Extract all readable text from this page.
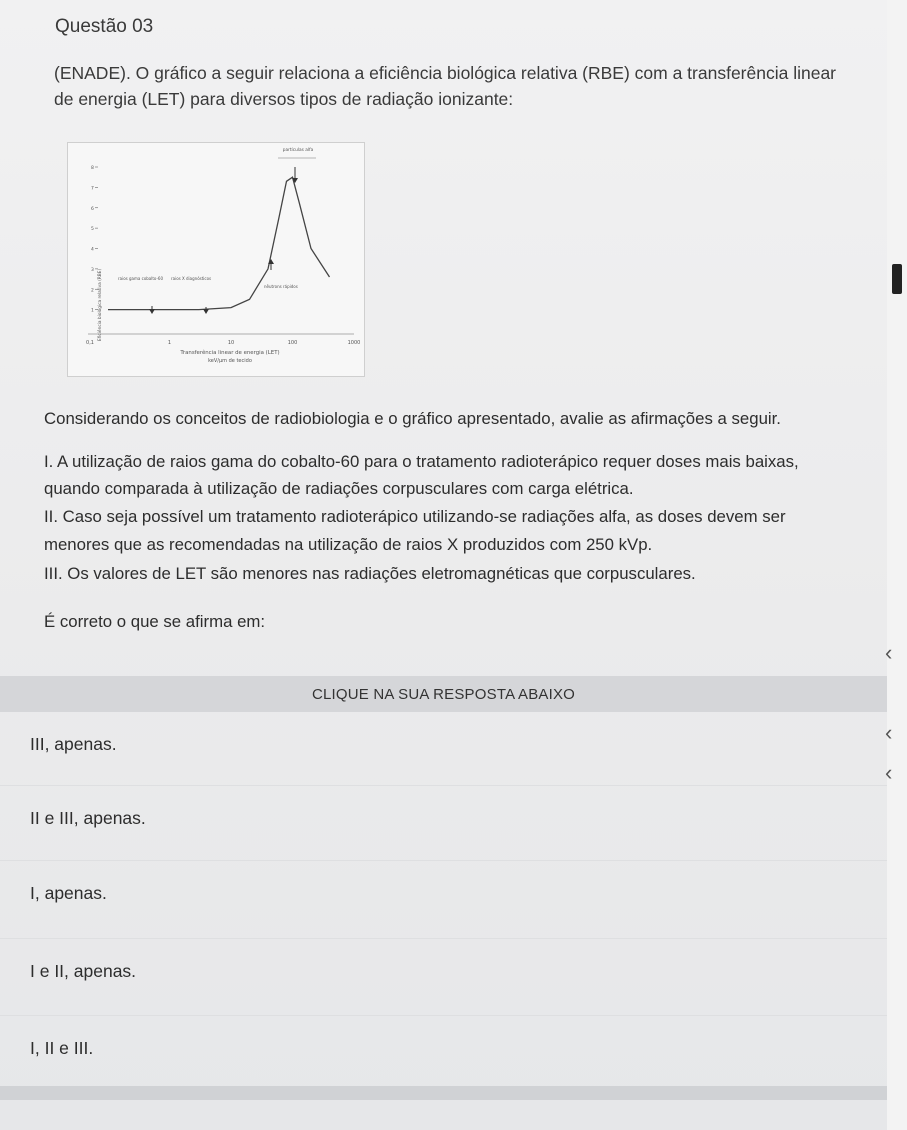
Questão 03
(ENADE). O gráfico a seguir relaciona a eficiência biológica relativa (RBE) com a transferência linear
de energia (LET) para diversos tipos de radiação ionizante:
1
2
3
4
5
6
7
8
0,1	1	10	100	1000
Eficiência biológica relativa (RBE)
Transferência linear de energia (LET)
keV/µm de tecido
partículas alfa
raios gama cobalto-60 raios X diagnósticos
nêutrons rápidos
Considerando os conceitos de radiobiologia e o gráfico apresentado, avalie as afirmações a seguir.
I. A utilização de raios gama do cobalto-60 para o tratamento radioterápico requer doses mais baixas,
quando comparada à utilização de radiações corpusculares com carga elétrica.
II. Caso seja possível um tratamento radioterápico utilizando-se radiações alfa, as doses devem ser
menores que as recomendadas na utilização de raios X produzidos com 250 kVp.
III. Os valores de LET são menores nas radiações eletromagnéticas que corpusculares.
É correto o que se afirma em:
CLIQUE NA SUA RESPOSTA ABAIXO
III, apenas.
II e III, apenas.
I, apenas.
I e II, apenas.
I, II e III.
‹
‹
‹
